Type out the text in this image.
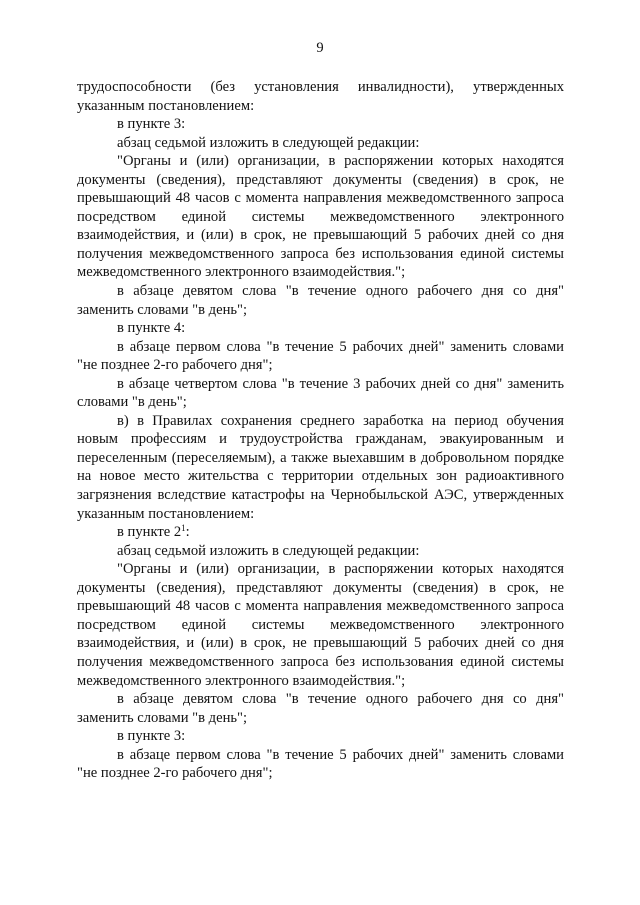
9

трудоспособности (без установления инвалидности), утвержденных указанным постановлением:

в пункте 3:

абзац седьмой изложить в следующей редакции:

"Органы и (или) организации, в распоряжении которых находятся документы (сведения), представляют документы (сведения) в срок, не превышающий 48 часов с момента направления межведомственного запроса посредством единой системы межведомственного электронного взаимодействия, и (или) в срок, не превышающий 5 рабочих дней со дня получения межведомственного запроса без использования единой системы межведомственного электронного взаимодействия.";

в абзаце девятом слова "в течение одного рабочего дня со дня" заменить словами "в день";

в пункте 4:

в абзаце первом слова "в течение 5 рабочих дней" заменить словами "не позднее 2-го рабочего дня";

в абзаце четвертом слова "в течение 3 рабочих дней со дня" заменить словами "в день";

в) в Правилах сохранения среднего заработка на период обучения новым профессиям и трудоустройства гражданам, эвакуированным и переселенным (переселяемым), а также выехавшим в добровольном порядке на новое место жительства с территории отдельных зон радиоактивного загрязнения вследствие катастрофы на Чернобыльской АЭС, утвержденных указанным постановлением:

в пункте $2^1$:

абзац седьмой изложить в следующей редакции:

"Органы и (или) организации, в распоряжении которых находятся документы (сведения), представляют документы (сведения) в срок, не превышающий 48 часов с момента направления межведомственного запроса посредством единой системы межведомственного электронного взаимодействия, и (или) в срок, не превышающий 5 рабочих дней со дня получения межведомственного запроса без использования единой системы межведомственного электронного взаимодействия.";

в абзаце девятом слова "в течение одного рабочего дня со дня" заменить словами "в день";

в пункте 3:

в абзаце первом слова "в течение 5 рабочих дней" заменить словами "не позднее 2-го рабочего дня";
